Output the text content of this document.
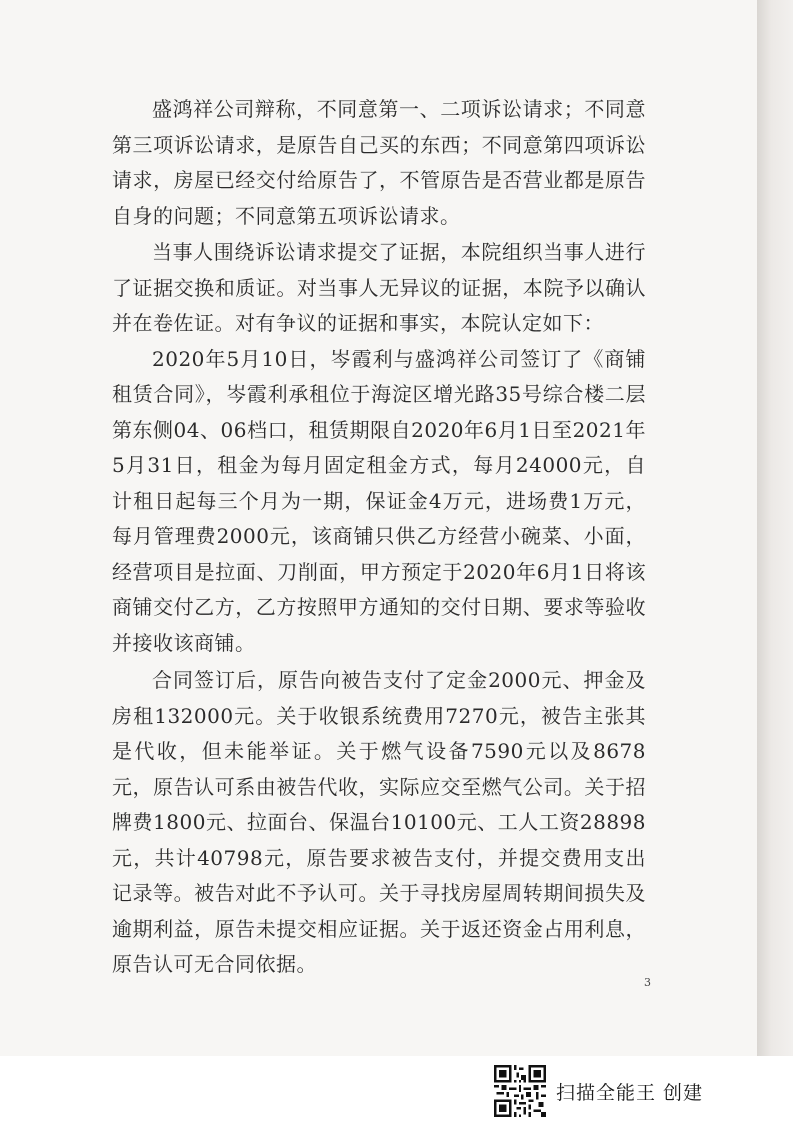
盛鸿祥公司辩称，不同意第一、二项诉讼请求；不同意第三项诉讼请求，是原告自己买的东西；不同意第四项诉讼请求，房屋已经交付给原告了，不管原告是否营业都是原告自身的问题；不同意第五项诉讼请求。

当事人围绕诉讼请求提交了证据，本院组织当事人进行了证据交换和质证。对当事人无异议的证据，本院予以确认并在卷佐证。对有争议的证据和事实，本院认定如下：

2020年5月10日，岑霞利与盛鸿祥公司签订了《商铺租赁合同》，岑霞利承租位于海淀区增光路35号综合楼二层第东侧04、06档口，租赁期限自2020年6月1日至2021年5月31日，租金为每月固定租金方式，每月24000元，自计租日起每三个月为一期，保证金4万元，进场费1万元，每月管理费2000元，该商铺只供乙方经营小碗菜、小面，经营项目是拉面、刀削面，甲方预定于2020年6月1日将该商铺交付乙方，乙方按照甲方通知的交付日期、要求等验收并接收该商铺。

合同签订后，原告向被告支付了定金2000元、押金及房租132000元。关于收银系统费用7270元，被告主张其是代收，但未能举证。关于燃气设备7590元以及8678元，原告认可系由被告代收，实际应交至燃气公司。关于招牌费1800元、拉面台、保温台10100元、工人工资28898元，共计40798元，原告要求被告支付，并提交费用支出记录等。被告对此不予认可。关于寻找房屋周转期间损失及逾期利益，原告未提交相应证据。关于返还资金占用利息，原告认可无合同依据。

3
扫描全能王 创建
